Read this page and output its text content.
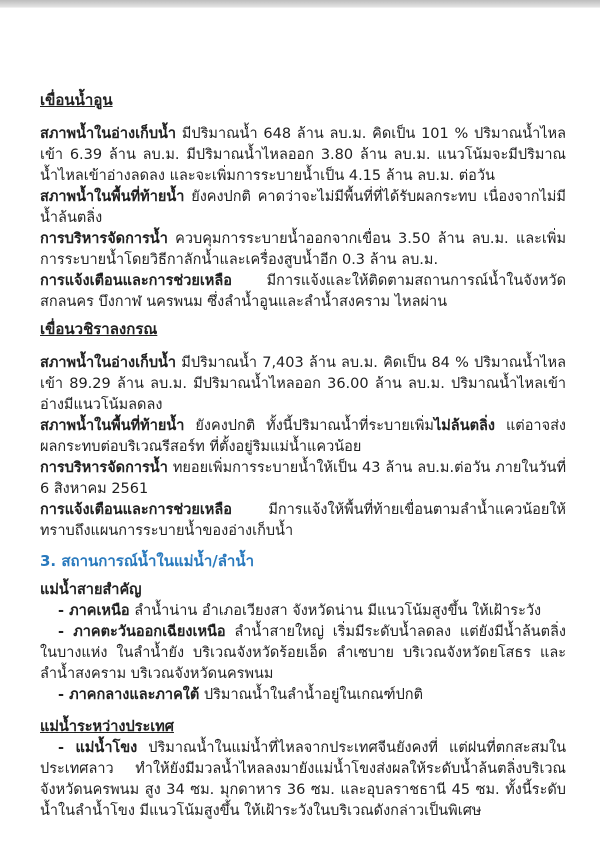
เขื่อนน้ำอูน

สภาพน้ำในอ่างเก็บน้ำ มีปริมาณน้ำ 648 ล้าน ลบ.ม. คิดเป็น 101 % ปริมาณน้ำไหลเข้า 6.39 ล้าน ลบ.ม. มีปริมาณน้ำไหลออก 3.80 ล้าน ลบ.ม. แนวโน้มจะมีปริมาณน้ำไหลเข้าอ่างลดลง และจะเพิ่มการระบายน้ำเป็น 4.15 ล้าน ลบ.ม. ต่อวัน

สภาพน้ำในพื้นที่ท้ายน้ำ ยังคงปกติ คาดว่าจะไม่มีพื้นที่ที่ได้รับผลกระทบ เนื่องจากไม่มีน้ำล้นตลิ่ง

การบริหารจัดการน้ำ ควบคุมการระบายน้ำออกจากเขื่อน 3.50 ล้าน ลบ.ม. และเพิ่มการระบายน้ำโดยวิธีกาลักน้ำและเครื่องสูบน้ำอีก 0.3 ล้าน ลบ.ม.

การแจ้งเตือนและการช่วยเหลือ มีการแจ้งและให้ติดตามสถานการณ์น้ำในจังหวัดสกลนคร บึงกาฬ นครพนม ซึ่งลำน้ำอูนและลำน้ำสงคราม ไหลผ่าน

เขื่อนวชิราลงกรณ

สภาพน้ำในอ่างเก็บน้ำ มีปริมาณน้ำ 7,403 ล้าน ลบ.ม. คิดเป็น 84 % ปริมาณน้ำไหลเข้า 89.29 ล้าน ลบ.ม. มีปริมาณน้ำไหลออก 36.00 ล้าน ลบ.ม. ปริมาณน้ำไหลเข้าอ่างมีแนวโน้มลดลง

สภาพน้ำในพื้นที่ท้ายน้ำ ยังคงปกติ ทั้งนี้ปริมาณน้ำที่ระบายเพิ่มไม่ล้นตลิ่ง แต่อาจส่งผลกระทบต่อบริเวณรีสอร์ท ที่ตั้งอยู่ริมแม่น้ำแควน้อย

การบริหารจัดการน้ำ ทยอยเพิ่มการระบายน้ำให้เป็น 43 ล้าน ลบ.ม.ต่อวัน ภายในวันที่ 6 สิงหาคม 2561

การแจ้งเตือนและการช่วยเหลือ	มีการแจ้งให้พื้นที่ท้ายเขื่อนตามลำน้ำแควน้อยให้ทราบถึงแผนการระบายน้ำของอ่างเก็บน้ำ

3. สถานการณ์น้ำในแม่น้ำ/ลำน้ำ

แม่น้ำสายสำคัญ

- ภาคเหนือ ลำน้ำน่าน อำเภอเวียงสา จังหวัดน่าน มีแนวโน้มสูงขึ้น ให้เฝ้าระวัง

- ภาคตะวันออกเฉียงเหนือ ลำน้ำสายใหญ่ เริ่มมีระดับน้ำลดลง แต่ยังมีน้ำล้นตลิ่งในบางแห่ง ในลำน้ำยัง บริเวณจังหวัดร้อยเอ็ด ลำเซบาย บริเวณจังหวัดยโสธร และลำน้ำสงคราม บริเวณจังหวัดนครพนม

- ภาคกลางและภาคใต้ ปริมาณน้ำในลำน้ำอยู่ในเกณฑ์ปกติ

แม่น้ำระหว่างประเทศ

- แม่น้ำโขง ปริมาณน้ำในแม่น้ำที่ไหลจากประเทศจีนยังคงที่ แต่ฝนที่ตกสะสมในประเทศลาว ทำให้ยังมีมวลน้ำไหลลงมายังแม่น้ำโขงส่งผลให้ระดับน้ำล้นตลิ่งบริเวณจังหวัดนครพนม สูง 34 ซม. มุกดาหาร 36 ซม. และอุบลราชธานี 45 ซม. ทั้งนี้ระดับน้ำในลำน้ำโขง มีแนวโน้มสูงขึ้น ให้เฝ้าระวังในบริเวณดังกล่าวเป็นพิเศษ
